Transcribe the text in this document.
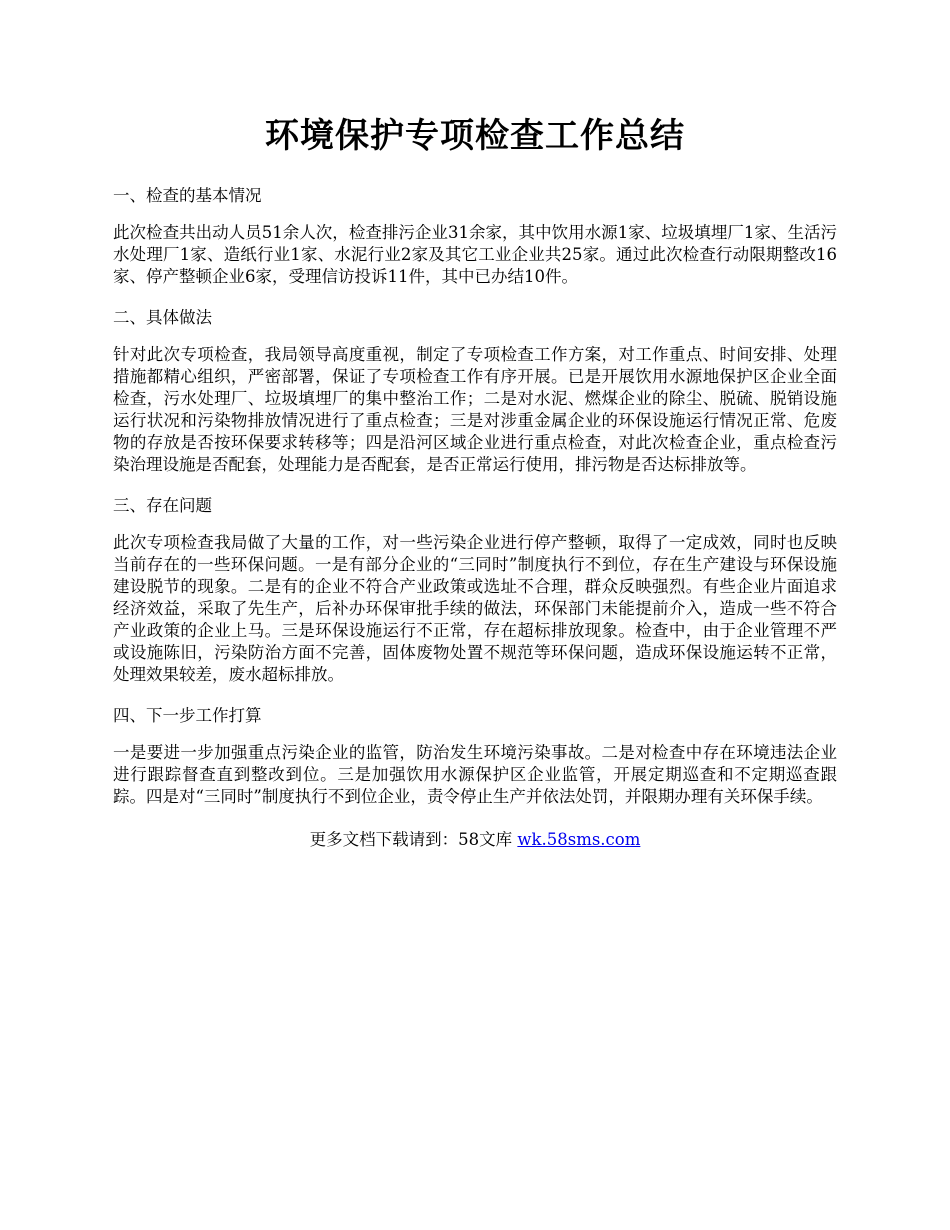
环境保护专项检查工作总结

一、检查的基本情况

此次检查共出动人员51余人次，检查排污企业31余家，其中饮用水源1家、垃圾填埋厂1家、生活污水处理厂1家、造纸行业1家、水泥行业2家及其它工业企业共25家。通过此次检查行动限期整改16家、停产整顿企业6家，受理信访投诉11件，其中已办结10件。

二、具体做法

针对此次专项检查，我局领导高度重视，制定了专项检查工作方案，对工作重点、时间安排、处理措施都精心组织，严密部署，保证了专项检查工作有序开展。已是开展饮用水源地保护区企业全面检查，污水处理厂、垃圾填埋厂的集中整治工作；二是对水泥、燃煤企业的除尘、脱硫、脱销设施运行状况和污染物排放情况进行了重点检查；三是对涉重金属企业的环保设施运行情况正常、危废物的存放是否按环保要求转移等；四是沿河区域企业进行重点检查，对此次检查企业，重点检查污染治理设施是否配套，处理能力是否配套，是否正常运行使用，排污物是否达标排放等。

三、存在问题

此次专项检查我局做了大量的工作，对一些污染企业进行停产整顿，取得了一定成效，同时也反映当前存在的一些环保问题。一是有部分企业的“三同时”制度执行不到位，存在生产建设与环保设施建设脱节的现象。二是有的企业不符合产业政策或选址不合理，群众反映强烈。有些企业片面追求经济效益，采取了先生产，后补办环保审批手续的做法，环保部门未能提前介入，造成一些不符合产业政策的企业上马。三是环保设施运行不正常，存在超标排放现象。检查中，由于企业管理不严或设施陈旧，污染防治方面不完善，固体废物处置不规范等环保问题，造成环保设施运转不正常，处理效果较差，废水超标排放。

四、下一步工作打算

一是要进一步加强重点污染企业的监管，防治发生环境污染事故。二是对检查中存在环境违法企业进行跟踪督查直到整改到位。三是加强饮用水源保护区企业监管，开展定期巡查和不定期巡查跟踪。四是对“三同时”制度执行不到位企业，责令停止生产并依法处罚，并限期办理有关环保手续。

更多文档下载请到：58文库 wk.58sms.com
